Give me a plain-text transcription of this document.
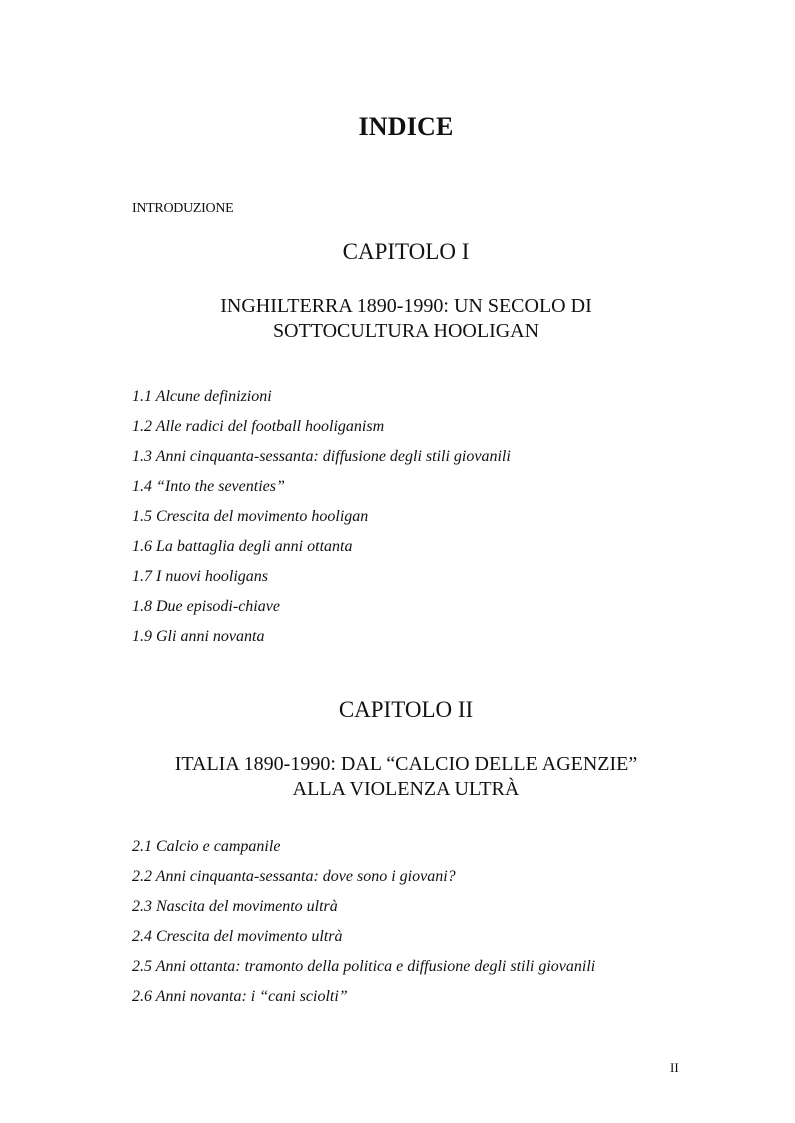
INDICE
INTRODUZIONE
CAPITOLO I
INGHILTERRA 1890-1990: UN SECOLO DI
SOTTOCULTURA HOOLIGAN
1.1 Alcune definizioni
1.2 Alle radici del football hooliganism
1.3 Anni cinquanta-sessanta: diffusione degli stili giovanili
1.4 “Into the seventies”
1.5 Crescita del movimento hooligan
1.6 La battaglia degli anni ottanta
1.7 I nuovi hooligans
1.8 Due episodi-chiave
1.9 Gli anni novanta
CAPITOLO II
ITALIA 1890-1990: DAL “CALCIO DELLE AGENZIE”
ALLA VIOLENZA ULTRÀ
2.1 Calcio e campanile
2.2 Anni cinquanta-sessanta: dove sono i giovani?
2.3 Nascita del movimento ultrà
2.4 Crescita del movimento ultrà
2.5 Anni ottanta: tramonto della politica e diffusione degli stili giovanili
2.6 Anni novanta: i “cani sciolti”
II
